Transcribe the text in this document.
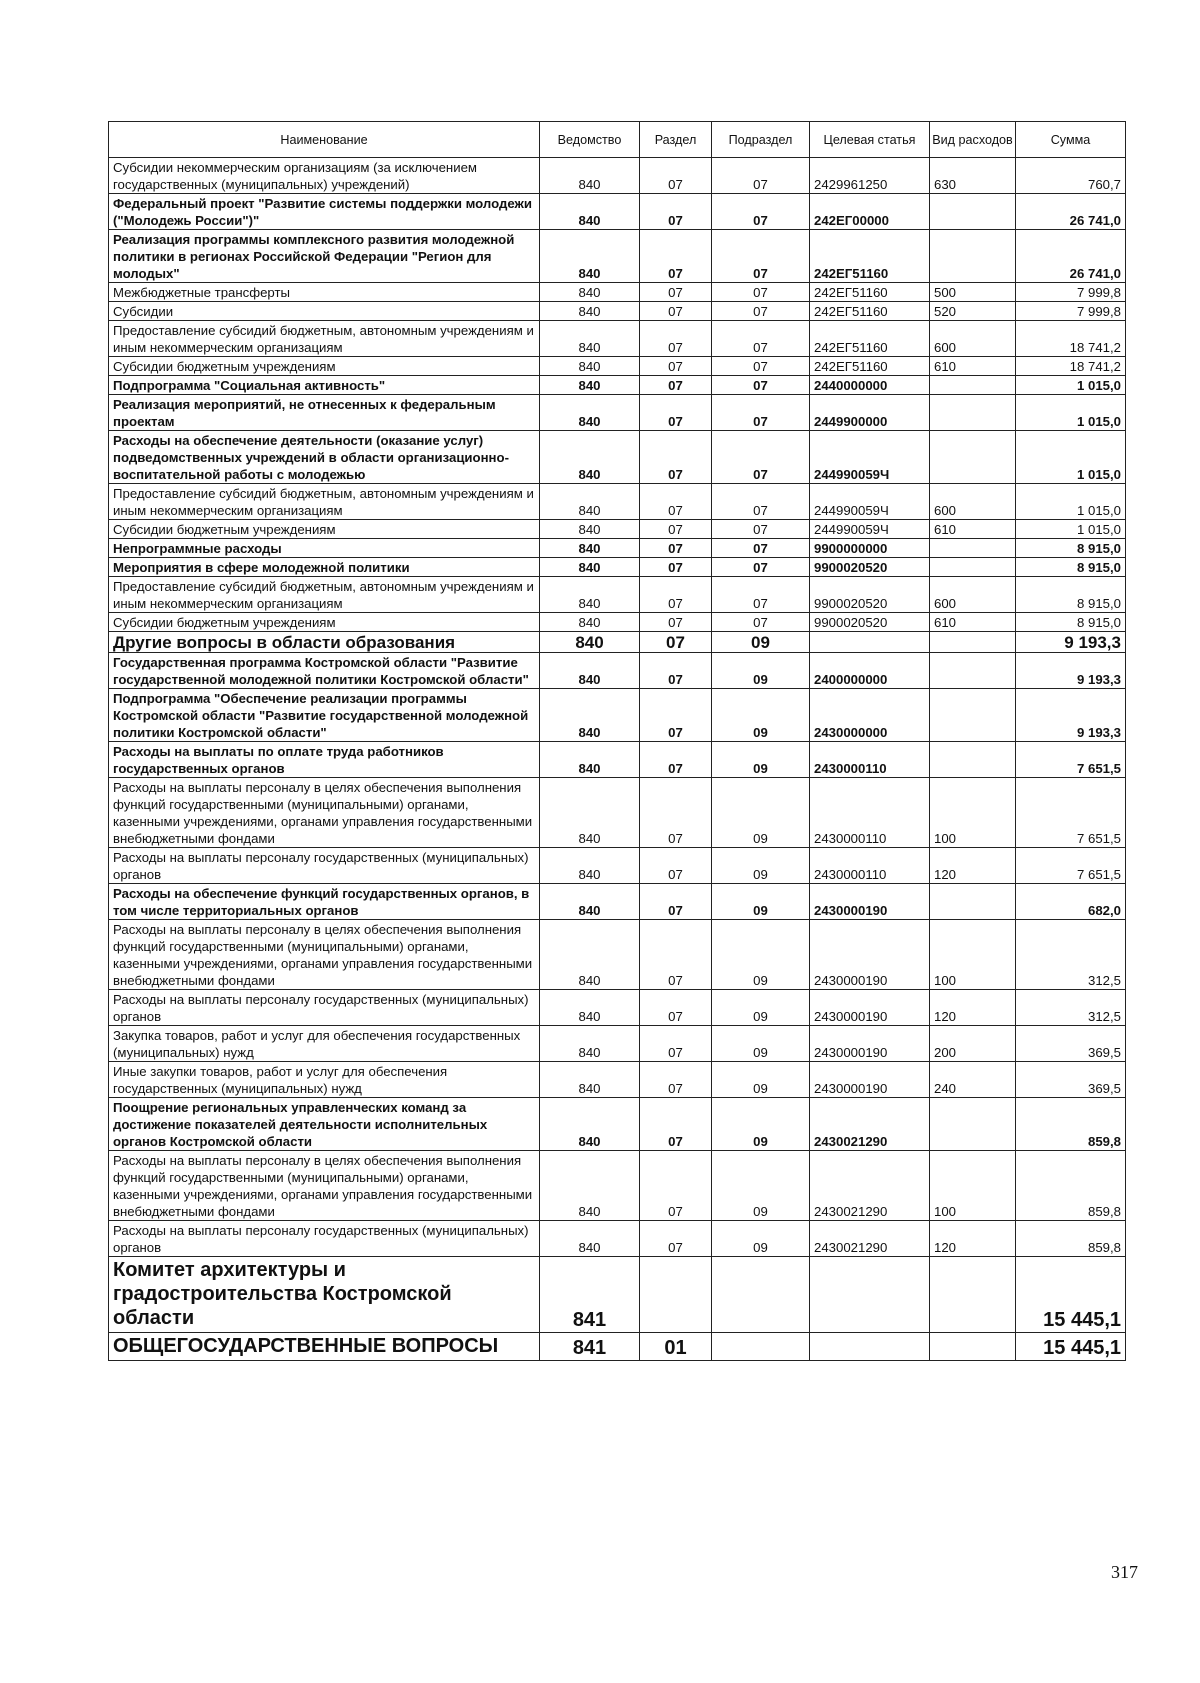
Наименование	Ведомство	Раздел	Подраздел	Целевая статья	Вид расходов	Сумма
Субсидии некоммерческим организациям (за исключением государственных (муниципальных) учреждений)	840	07	07	2429961250	630	760,7
Федеральный проект "Развитие системы поддержки молодежи ("Молодежь России")"	840	07	07	242ЕГ00000		26 741,0
Реализация программы комплексного развития молодежной политики в регионах Российской Федерации "Регион для молодых"	840	07	07	242ЕГ51160		26 741,0
Межбюджетные трансферты	840	07	07	242ЕГ51160	500	7 999,8
Субсидии	840	07	07	242ЕГ51160	520	7 999,8
Предоставление субсидий бюджетным, автономным учреждениям и иным некоммерческим организациям	840	07	07	242ЕГ51160	600	18 741,2
Субсидии бюджетным учреждениям	840	07	07	242ЕГ51160	610	18 741,2
Подпрограмма "Социальная активность"	840	07	07	2440000000		1 015,0
Реализация мероприятий, не отнесенных к федеральным проектам	840	07	07	2449900000		1 015,0
Расходы на обеспечение деятельности (оказание услуг) подведомственных учреждений в области организационно-воспитательной работы с молодежью	840	07	07	244990059Ч		1 015,0
Предоставление субсидий бюджетным, автономным учреждениям и иным некоммерческим организациям	840	07	07	244990059Ч	600	1 015,0
Субсидии бюджетным учреждениям	840	07	07	244990059Ч	610	1 015,0
Непрограммные расходы	840	07	07	9900000000		8 915,0
Мероприятия в сфере молодежной политики	840	07	07	9900020520		8 915,0
Предоставление субсидий бюджетным, автономным учреждениям и иным некоммерческим организациям	840	07	07	9900020520	600	8 915,0
Субсидии бюджетным учреждениям	840	07	07	9900020520	610	8 915,0
Другие вопросы в области образования	840	07	09			9 193,3
Государственная программа Костромской области "Развитие государственной молодежной политики Костромской области"	840	07	09	2400000000		9 193,3
Подпрограмма "Обеспечение реализации программы Костромской области "Развитие государственной молодежной политики Костромской области"	840	07	09	2430000000		9 193,3
Расходы на выплаты по оплате труда работников государственных органов	840	07	09	2430000110		7 651,5
Расходы на выплаты персоналу в целях обеспечения выполнения функций государственными (муниципальными) органами, казенными учреждениями, органами управления государственными внебюджетными фондами	840	07	09	2430000110	100	7 651,5
Расходы на выплаты персоналу государственных (муниципальных) органов	840	07	09	2430000110	120	7 651,5
Расходы на обеспечение функций государственных органов, в том числе территориальных органов	840	07	09	2430000190		682,0
Расходы на выплаты персоналу в целях обеспечения выполнения функций государственными (муниципальными) органами, казенными учреждениями, органами управления государственными внебюджетными фондами	840	07	09	2430000190	100	312,5
Расходы на выплаты персоналу государственных (муниципальных) органов	840	07	09	2430000190	120	312,5
Закупка товаров, работ и услуг для обеспечения государственных (муниципальных) нужд	840	07	09	2430000190	200	369,5
Иные закупки товаров, работ и услуг для обеспечения государственных (муниципальных) нужд	840	07	09	2430000190	240	369,5
Поощрение региональных управленческих команд за достижение показателей деятельности исполнительных органов Костромской области	840	07	09	2430021290		859,8
Расходы на выплаты персоналу в целях обеспечения выполнения функций государственными (муниципальными) органами, казенными учреждениями, органами управления государственными внебюджетными фондами	840	07	09	2430021290	100	859,8
Расходы на выплаты персоналу государственных (муниципальных) органов	840	07	09	2430021290	120	859,8
Комитет архитектуры и градостроительства Костромской области	841					15 445,1
ОБЩЕГОСУДАРСТВЕННЫЕ ВОПРОСЫ	841	01				15 445,1
317
